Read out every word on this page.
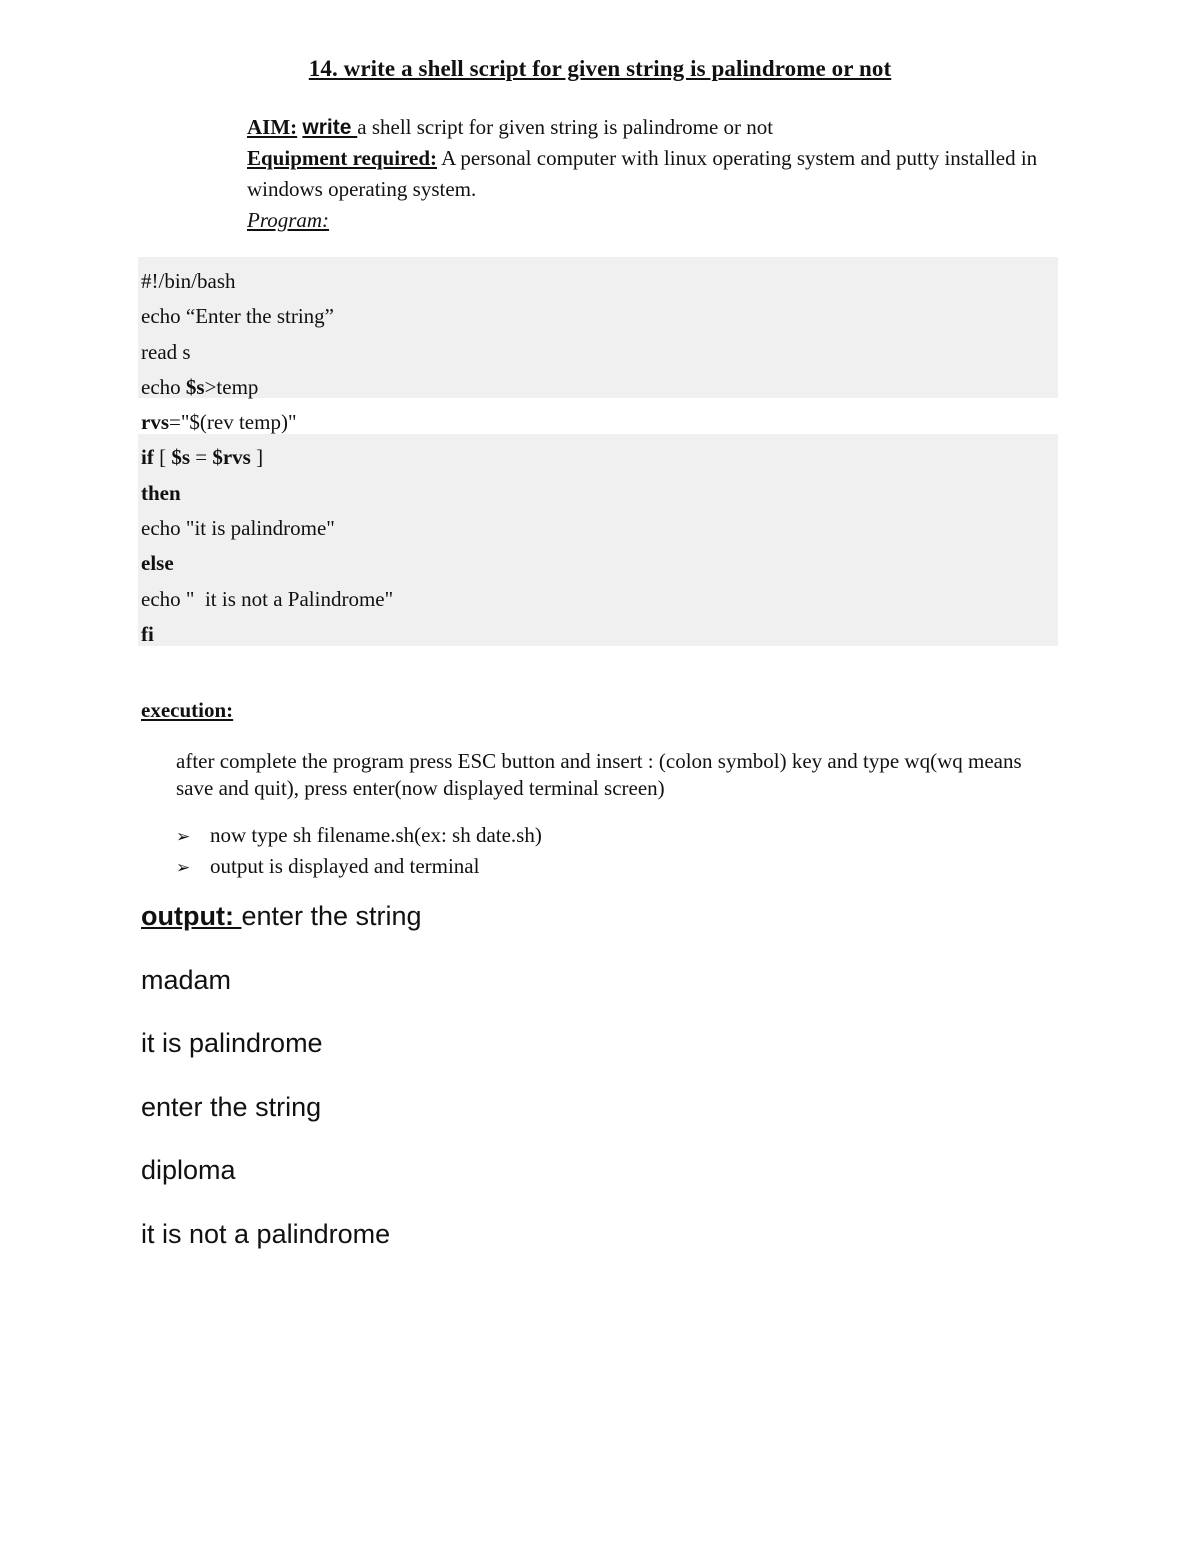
14. write a shell script for given string is palindrome or not
AIM: write a shell script for given string is palindrome or not
Equipment required: A personal computer with linux operating system and putty installed in windows operating system.
Program:
#!/bin/bash
echo “Enter the string”
read s
echo $s>temp
rvs="$(rev temp)"
if [ $s = $rvs ]
then
echo "it is palindrome"
else
echo "  it is not a Palindrome"
fi
execution:
after complete the program press ESC button and insert : (colon symbol) key and type wq(wq means save and quit), press enter(now displayed terminal screen)
➢ now type sh filename.sh(ex: sh date.sh)
➢ output is displayed and terminal
output: enter the string
madam
it is palindrome
enter the string
diploma
it is not a palindrome
